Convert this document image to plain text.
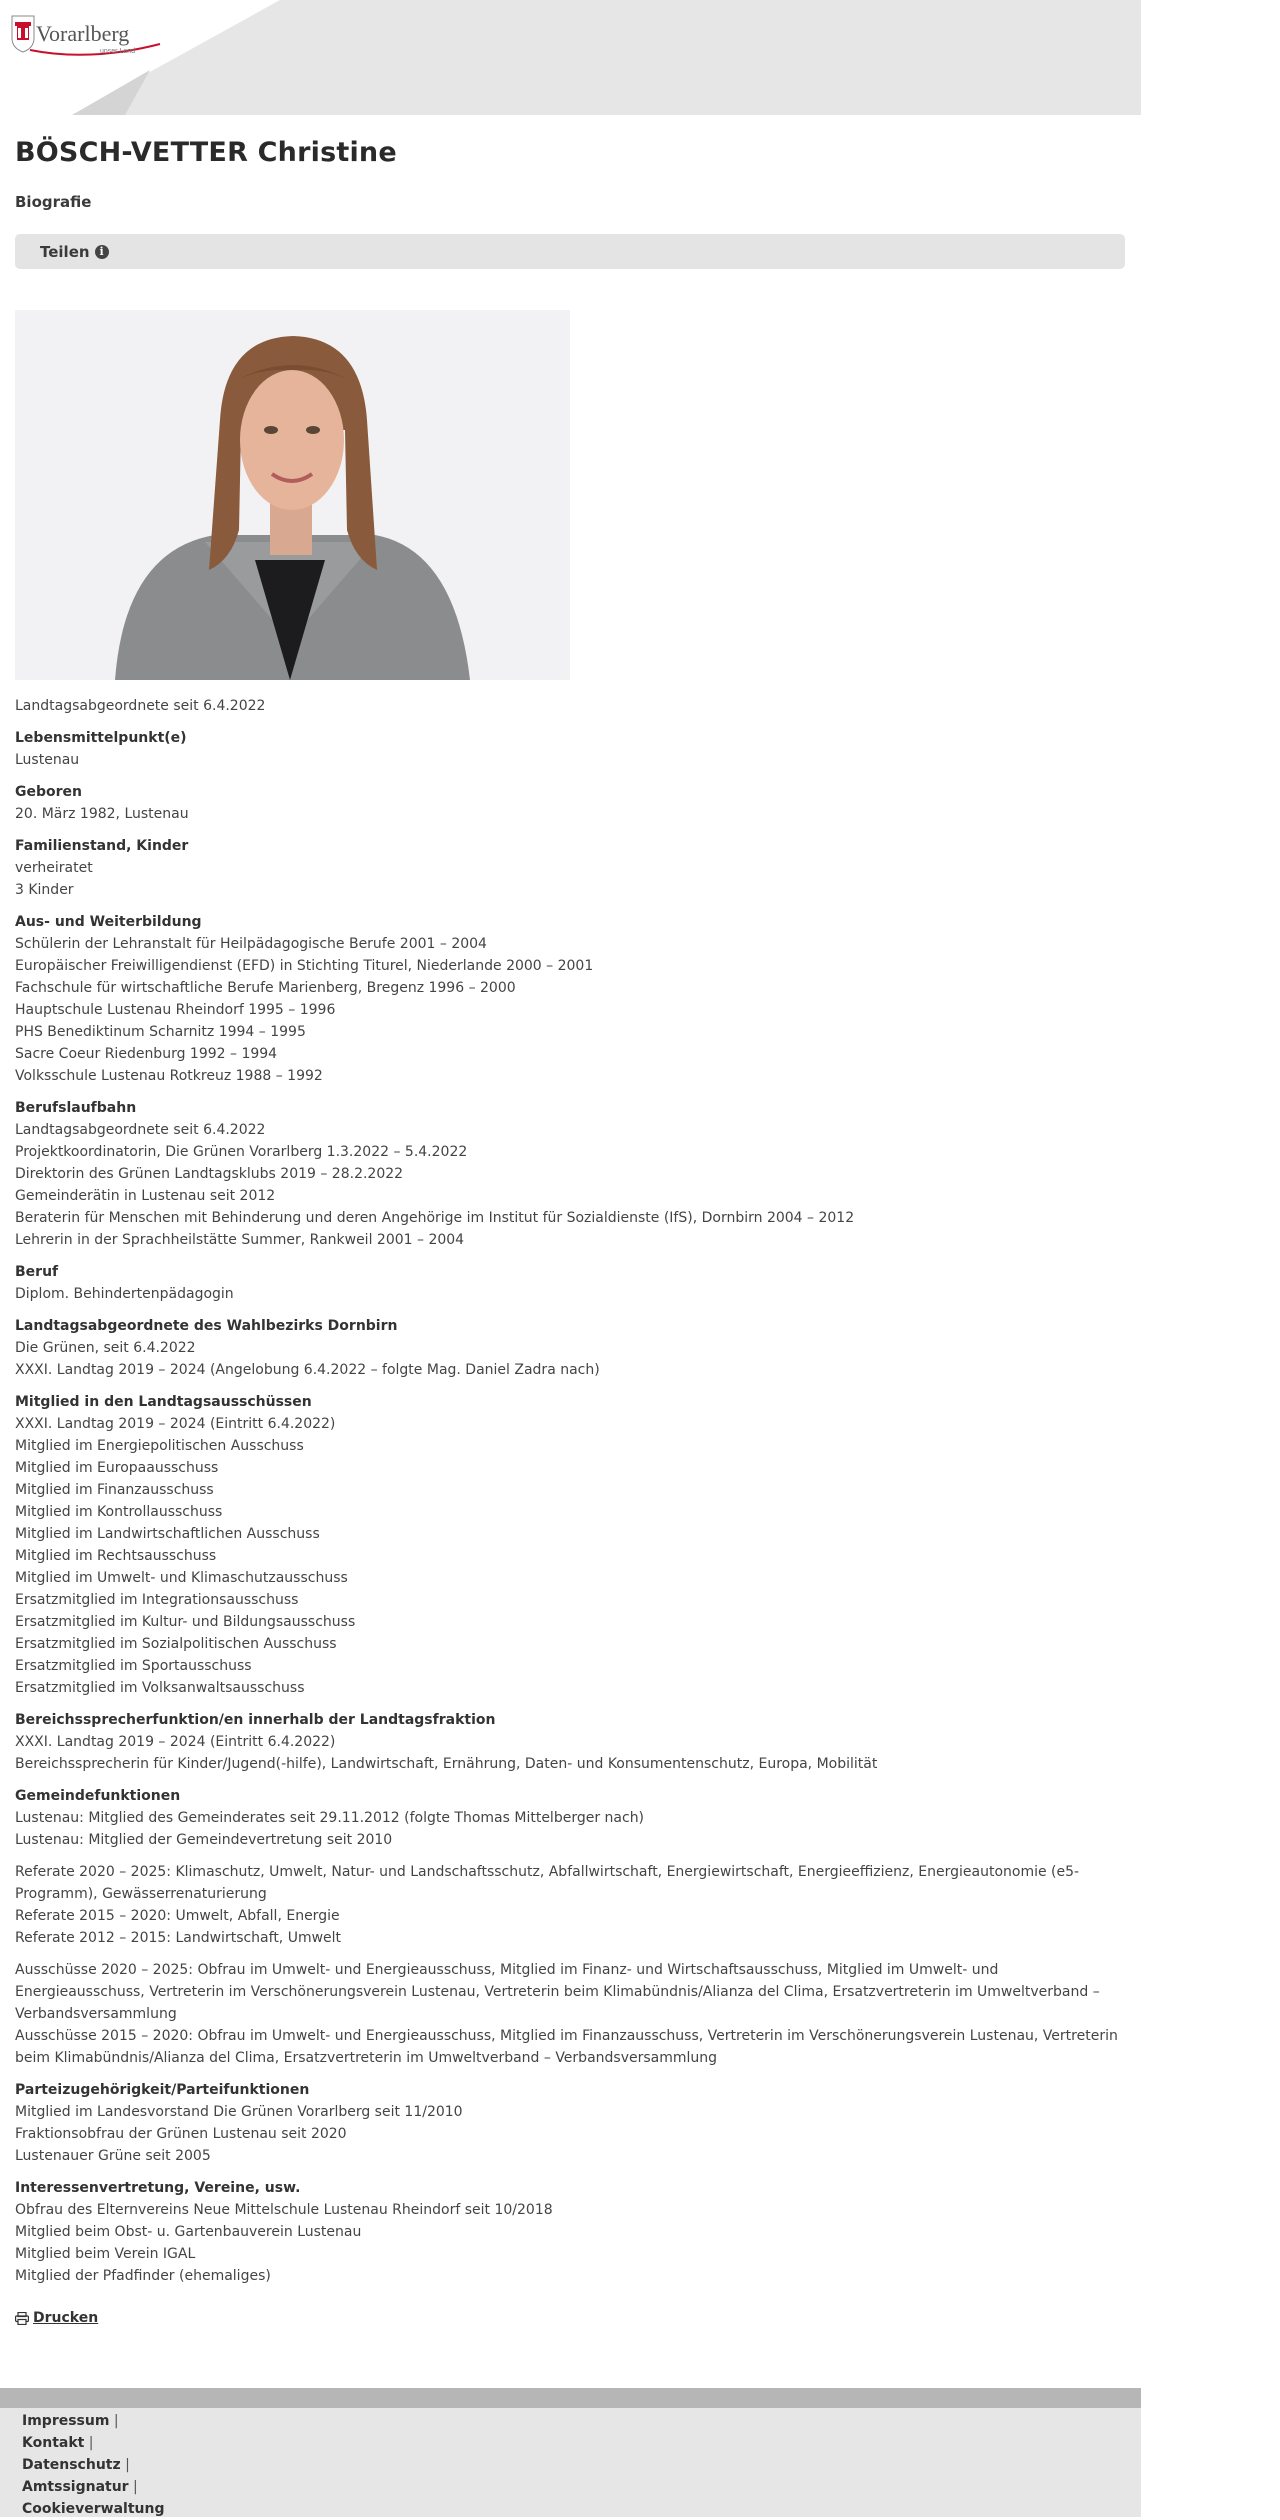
Vorarlberg
unser Land
BÖSCH-VETTER Christine
Biografie
Teilen i
Landtagsabgeordnete seit 6.4.2022
Lebensmittelpunkt(e)
Lustenau
Geboren
20. März 1982, Lustenau
Familienstand, Kinder
verheiratet
3 Kinder
Aus- und Weiterbildung
Schülerin der Lehranstalt für Heilpädagogische Berufe 2001 – 2004
Europäischer Freiwilligendienst (EFD) in Stichting Titurel, Niederlande 2000 – 2001
Fachschule für wirtschaftliche Berufe Marienberg, Bregenz 1996 – 2000
Hauptschule Lustenau Rheindorf 1995 – 1996
PHS Benediktinum Scharnitz 1994 – 1995
Sacre Coeur Riedenburg 1992 – 1994
Volksschule Lustenau Rotkreuz 1988 – 1992
Berufslaufbahn
Landtagsabgeordnete seit 6.4.2022
Projektkoordinatorin, Die Grünen Vorarlberg 1.3.2022 – 5.4.2022
Direktorin des Grünen Landtagsklubs 2019 – 28.2.2022
Gemeinderätin in Lustenau seit 2012
Beraterin für Menschen mit Behinderung und deren Angehörige im Institut für Sozialdienste (IfS), Dornbirn 2004 – 2012
Lehrerin in der Sprachheilstätte Summer, Rankweil 2001 – 2004
Beruf
Diplom. Behindertenpädagogin
Landtagsabgeordnete des Wahlbezirks Dornbirn
Die Grünen, seit 6.4.2022
XXXI. Landtag 2019 – 2024 (Angelobung 6.4.2022 – folgte Mag. Daniel Zadra nach)
Mitglied in den Landtagsausschüssen
XXXI. Landtag 2019 – 2024 (Eintritt 6.4.2022)
Mitglied im Energiepolitischen Ausschuss
Mitglied im Europaausschuss
Mitglied im Finanzausschuss
Mitglied im Kontrollausschuss
Mitglied im Landwirtschaftlichen Ausschuss
Mitglied im Rechtsausschuss
Mitglied im Umwelt- und Klimaschutzausschuss
Ersatzmitglied im Integrationsausschuss
Ersatzmitglied im Kultur- und Bildungsausschuss
Ersatzmitglied im Sozialpolitischen Ausschuss
Ersatzmitglied im Sportausschuss
Ersatzmitglied im Volksanwaltsausschuss
Bereichssprecherfunktion/en innerhalb der Landtagsfraktion
XXXI. Landtag 2019 – 2024 (Eintritt 6.4.2022)
Bereichssprecherin für Kinder/Jugend(-hilfe), Landwirtschaft, Ernährung, Daten- und Konsumentenschutz, Europa, Mobilität
Gemeindefunktionen
Lustenau: Mitglied des Gemeinderates seit 29.11.2012 (folgte Thomas Mittelberger nach)
Lustenau: Mitglied der Gemeindevertretung seit 2010
Referate 2020 – 2025: Klimaschutz, Umwelt, Natur- und Landschaftsschutz, Abfallwirtschaft, Energiewirtschaft, Energieeffizienz, Energieautonomie (e5-Programm), Gewässerrenaturierung
Referate 2015 – 2020: Umwelt, Abfall, Energie
Referate 2012 – 2015: Landwirtschaft, Umwelt
Ausschüsse 2020 – 2025: Obfrau im Umwelt- und Energieausschuss, Mitglied im Finanz- und Wirtschaftsausschuss, Mitglied im Umwelt- und Energieausschuss, Vertreterin im Verschönerungsverein Lustenau, Vertreterin beim Klimabündnis/Alianza del Clima, Ersatzvertreterin im Umweltverband – Verbandsversammlung
Ausschüsse 2015 – 2020: Obfrau im Umwelt- und Energieausschuss, Mitglied im Finanzausschuss, Vertreterin im Verschönerungsverein Lustenau, Vertreterin beim Klimabündnis/Alianza del Clima, Ersatzvertreterin im Umweltverband – Verbandsversammlung
Parteizugehörigkeit/Parteifunktionen
Mitglied im Landesvorstand Die Grünen Vorarlberg seit 11/2010
Fraktionsobfrau der Grünen Lustenau seit 2020
Lustenauer Grüne seit 2005
Interessenvertretung, Vereine, usw.
Obfrau des Elternvereins Neue Mittelschule Lustenau Rheindorf seit 10/2018
Mitglied beim Obst- u. Gartenbauverein Lustenau
Mitglied beim Verein IGAL
Mitglied der Pfadfinder (ehemaliges)
Drucken
Impressum |
Kontakt |
Datenschutz |
Amtssignatur |
Cookieverwaltung
